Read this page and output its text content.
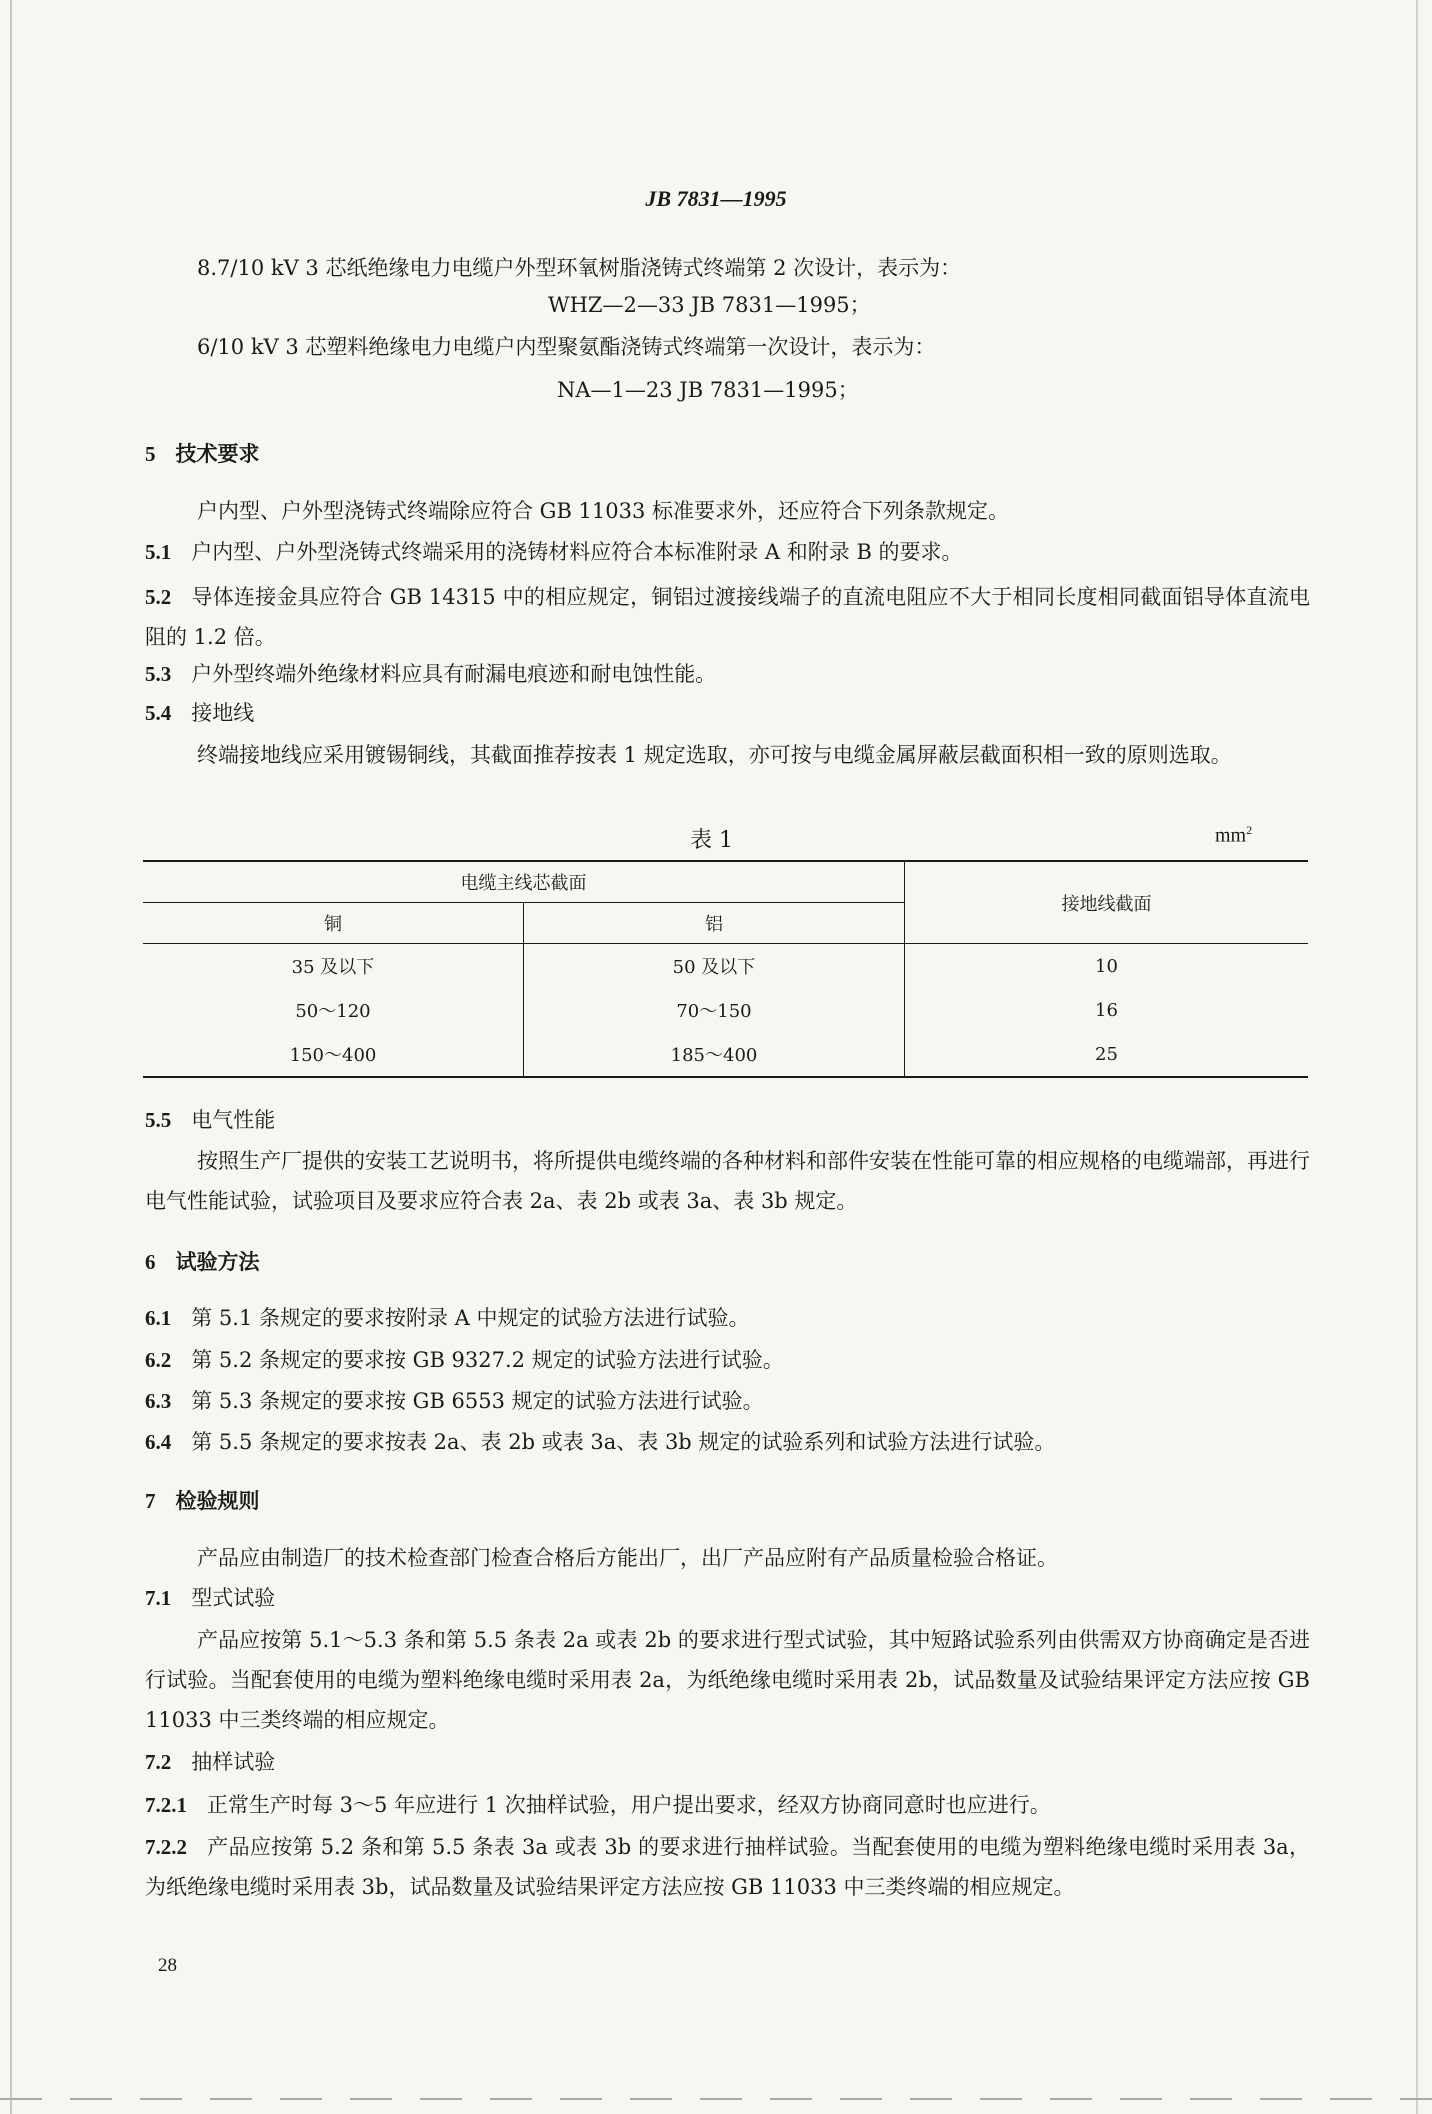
JB 7831—1995
8.7/10 kV 3 芯纸绝缘电力电缆户外型环氧树脂浇铸式终端第 2 次设计，表示为：
WHZ—2—33 JB 7831—1995；
6/10 kV 3 芯塑料绝缘电力电缆户内型聚氨酯浇铸式终端第一次设计，表示为：
NA—1—23 JB 7831—1995；
5 技术要求
户内型、户外型浇铸式终端除应符合 GB 11033 标准要求外，还应符合下列条款规定。
5.1 户内型、户外型浇铸式终端采用的浇铸材料应符合本标准附录 A 和附录 B 的要求。
5.2 导体连接金具应符合 GB 14315 中的相应规定，铜铝过渡接线端子的直流电阻应不大于相同长度相同截面铝导体直流电阻的 1.2 倍。
5.3 户外型终端外绝缘材料应具有耐漏电痕迹和耐电蚀性能。
5.4 接地线
终端接地线应采用镀锡铜线，其截面推荐按表 1 规定选取，亦可按与电缆金属屏蔽层截面积相一致的原则选取。
表 1	$mm^2$
电缆主线芯截面		接地线截面
铜	铝	
35 及以下	50 及以下	10
50～120	70～150	16
150～400	185～400	25
5.5 电气性能
按照生产厂提供的安装工艺说明书，将所提供电缆终端的各种材料和部件安装在性能可靠的相应规格的电缆端部，再进行电气性能试验，试验项目及要求应符合表 2a、表 2b 或表 3a、表 3b 规定。
6 试验方法
6.1 第 5.1 条规定的要求按附录 A 中规定的试验方法进行试验。
6.2 第 5.2 条规定的要求按 GB 9327.2 规定的试验方法进行试验。
6.3 第 5.3 条规定的要求按 GB 6553 规定的试验方法进行试验。
6.4 第 5.5 条规定的要求按表 2a、表 2b 或表 3a、表 3b 规定的试验系列和试验方法进行试验。
7 检验规则
产品应由制造厂的技术检查部门检查合格后方能出厂，出厂产品应附有产品质量检验合格证。
7.1 型式试验
产品应按第 5.1～5.3 条和第 5.5 条表 2a 或表 2b 的要求进行型式试验，其中短路试验系列由供需双方协商确定是否进行试验。当配套使用的电缆为塑料绝缘电缆时采用表 2a，为纸绝缘电缆时采用表 2b，试品数量及试验结果评定方法应按 GB 11033 中三类终端的相应规定。
7.2 抽样试验
7.2.1 正常生产时每 3～5 年应进行 1 次抽样试验，用户提出要求，经双方协商同意时也应进行。
7.2.2 产品应按第 5.2 条和第 5.5 条表 3a 或表 3b 的要求进行抽样试验。当配套使用的电缆为塑料绝缘电缆时采用表 3a，为纸绝缘电缆时采用表 3b，试品数量及试验结果评定方法应按 GB 11033 中三类终端的相应规定。
28
